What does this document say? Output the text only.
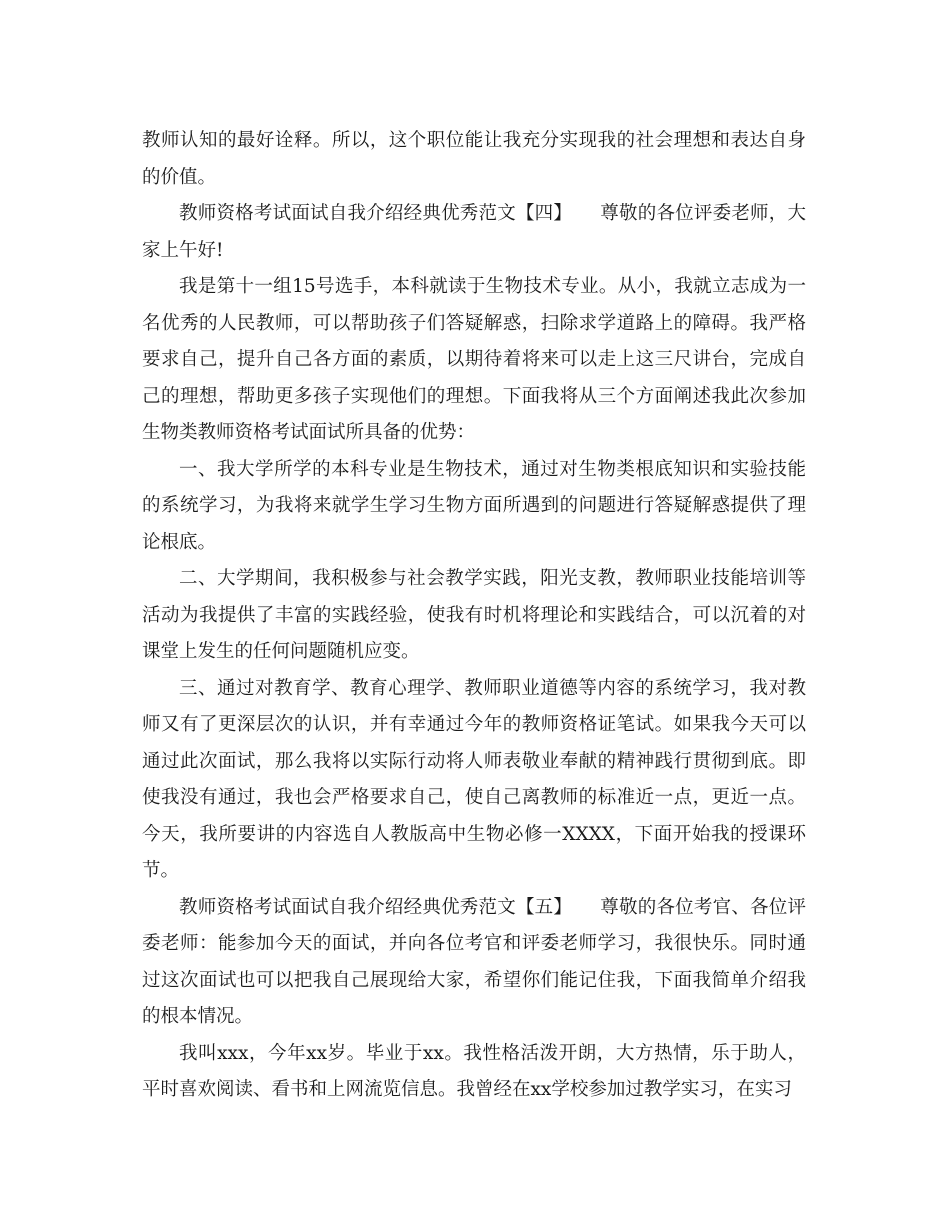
教师认知的最好诠释。所以，这个职位能让我充分实现我的社会理想和表达自身的价值。

教师资格考试面试自我介绍经典优秀范文【四】　　尊敬的各位评委老师，大家上午好!

我是第十一组15号选手，本科就读于生物技术专业。从小，我就立志成为一名优秀的人民教师，可以帮助孩子们答疑解惑，扫除求学道路上的障碍。我严格要求自己，提升自己各方面的素质，以期待着将来可以走上这三尺讲台，完成自己的理想，帮助更多孩子实现他们的理想。下面我将从三个方面阐述我此次参加生物类教师资格考试面试所具备的优势：

一、我大学所学的本科专业是生物技术，通过对生物类根底知识和实验技能的系统学习，为我将来就学生学习生物方面所遇到的问题进行答疑解惑提供了理论根底。

二、大学期间，我积极参与社会教学实践，阳光支教，教师职业技能培训等活动为我提供了丰富的实践经验，使我有时机将理论和实践结合，可以沉着的对课堂上发生的任何问题随机应变。

三、通过对教育学、教育心理学、教师职业道德等内容的系统学习，我对教师又有了更深层次的认识，并有幸通过今年的教师资格证笔试。如果我今天可以通过此次面试，那么我将以实际行动将人师表敬业奉献的精神践行贯彻到底。即使我没有通过，我也会严格要求自己，使自己离教师的标准近一点，更近一点。今天，我所要讲的内容选自人教版高中生物必修一XXXX，下面开始我的授课环节。

教师资格考试面试自我介绍经典优秀范文【五】　　尊敬的各位考官、各位评委老师：能参加今天的面试，并向各位考官和评委老师学习，我很快乐。同时通过这次面试也可以把我自己展现给大家，希望你们能记住我，下面我简单介绍我的根本情况。

我叫xxx，今年xx岁。毕业于xx。我性格活泼开朗，大方热情，乐于助人，平时喜欢阅读、看书和上网流览信息。我曾经在xx学校参加过教学实习，在实习
